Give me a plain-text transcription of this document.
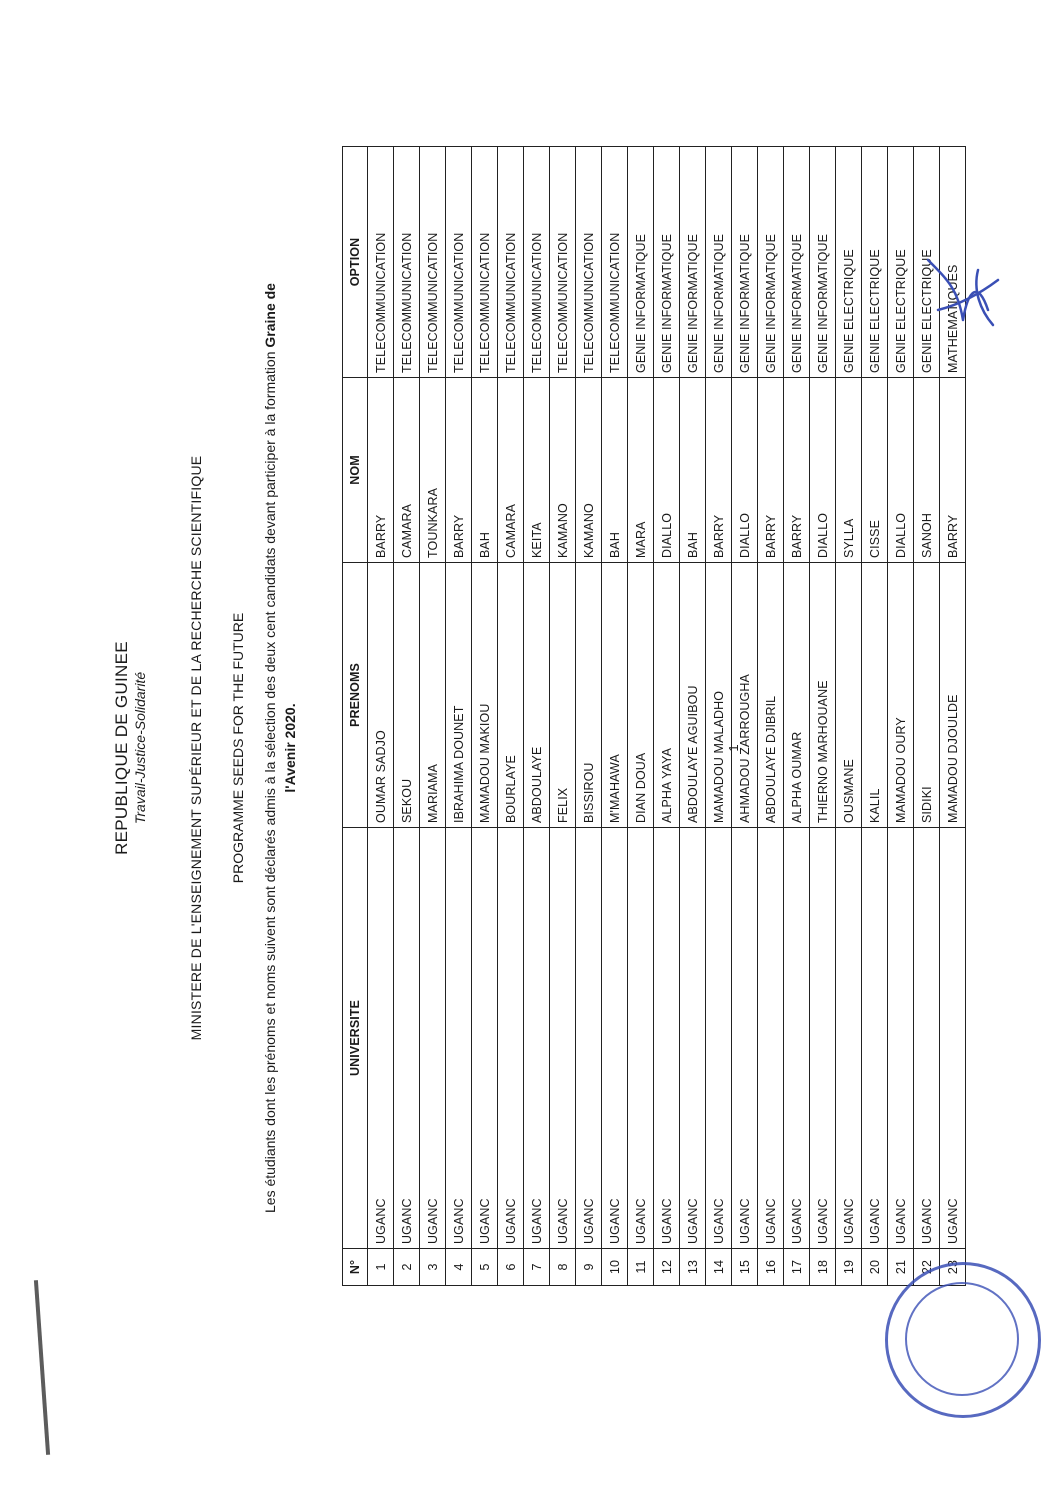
REPUBLIQUE DE GUINEE Travail-Justice-Solidarité	MINISTERE DE L'ENSEIGNEMENT SUPÉRIEUR ET DE LA RECHERCHE SCIENTIFIQUE PROGRAMME SEEDS FOR THE FUTURE Les étudiants dont les prénoms et noms suivent sont déclarés admis à la sélection des deux cent candidats devant participer à la formation Graine de
l'Avenir 2020.
N°	UNIVERSITE	PRENOMS	NOM	OPTION
1	UGANC	OUMAR SADJO	BARRY	TELECOMMUNICATION
2	UGANC	SEKOU	CAMARA	TELECOMMUNICATION
3	UGANC	MARIAMA	TOUNKARA	TELECOMMUNICATION
4	UGANC	IBRAHIMA DOUNET	BARRY	TELECOMMUNICATION
5	UGANC	MAMADOU MAKIOU	BAH	TELECOMMUNICATION
6	UGANC	BOURLAYE	CAMARA	TELECOMMUNICATION
7	UGANC	ABDOULAYE	KEITA	TELECOMMUNICATION
8	UGANC	FELIX	KAMANO	TELECOMMUNICATION
9	UGANC	BISSIROU	KAMANO	TELECOMMUNICATION
10	UGANC	M'MAHAWA	BAH	TELECOMMUNICATION
11	UGANC	DIAN DOUA	MARA	GENIE INFORMATIQUE
12	UGANC	ALPHA YAYA	DIALLO	GENIE INFORMATIQUE
13	UGANC	ABDOULAYE AGUIBOU	BAH	GENIE INFORMATIQUE
14	UGANC	MAMADOU MALADHO	BARRY	GENIE INFORMATIQUE
15	UGANC	AHMADOU ZARROUGHA	DIALLO	GENIE INFORMATIQUE
16	UGANC	ABDOULAYE DJIBRIL	BARRY	GENIE INFORMATIQUE
17	UGANC	ALPHA OUMAR	BARRY	GENIE INFORMATIQUE
18	UGANC	THIERNO MARHOUANE	DIALLO	GENIE INFORMATIQUE
19	UGANC	OUSMANE	SYLLA	GENIE ELECTRIQUE
20	UGANC	KALIL	CISSE	GENIE ELECTRIQUE
21	UGANC	MAMADOU OURY	DIALLO	GENIE ELECTRIQUE
22	UGANC	SIDIKI	SANOH	GENIE ELECTRIQUE
23	UGANC	MAMADOU DJOULDE	BARRY	MATHEMATIQUES
1
